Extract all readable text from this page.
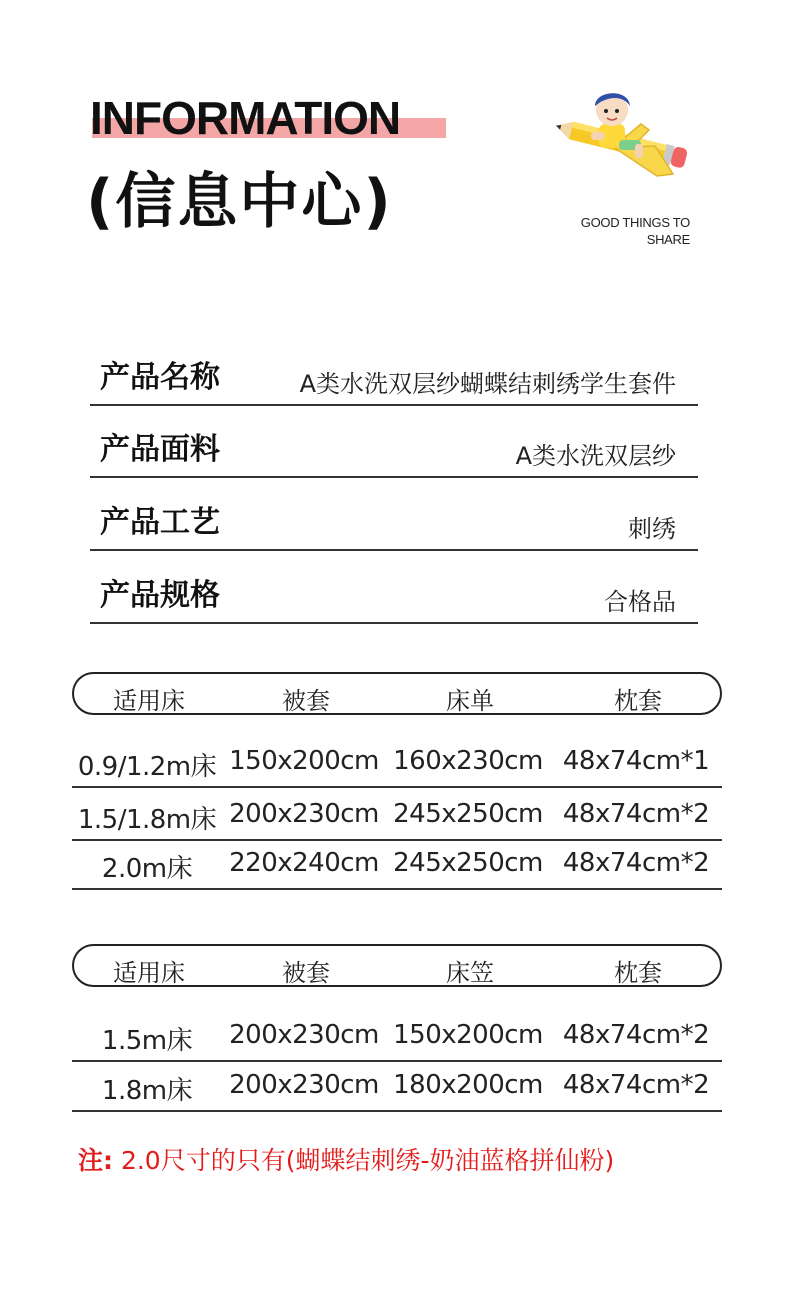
INFORMATION
(信息中心)	GOOD THINGS TO
SHARE
产品名称	A类水洗双层纱蝴蝶结刺绣学生套件
产品面料	A类水洗双层纱
产品工艺	刺绣
产品规格	合格品
适用床	被套	床单	枕套
0.9/1.2m床 150x200cm 160x230cm 48x74cm*1
1.5/1.8m床 200x230cm 245x250cm 48x74cm*2
2.0m床	220x240cm 245x250cm 48x74cm*2
适用床	被套	床笠	枕套
1.5m床	200x230cm 150x200cm 48x74cm*2
1.8m床	200x230cm 180x200cm 48x74cm*2
注: 2.0尺寸的只有(蝴蝶结刺绣-奶油蓝格拼仙粉)
